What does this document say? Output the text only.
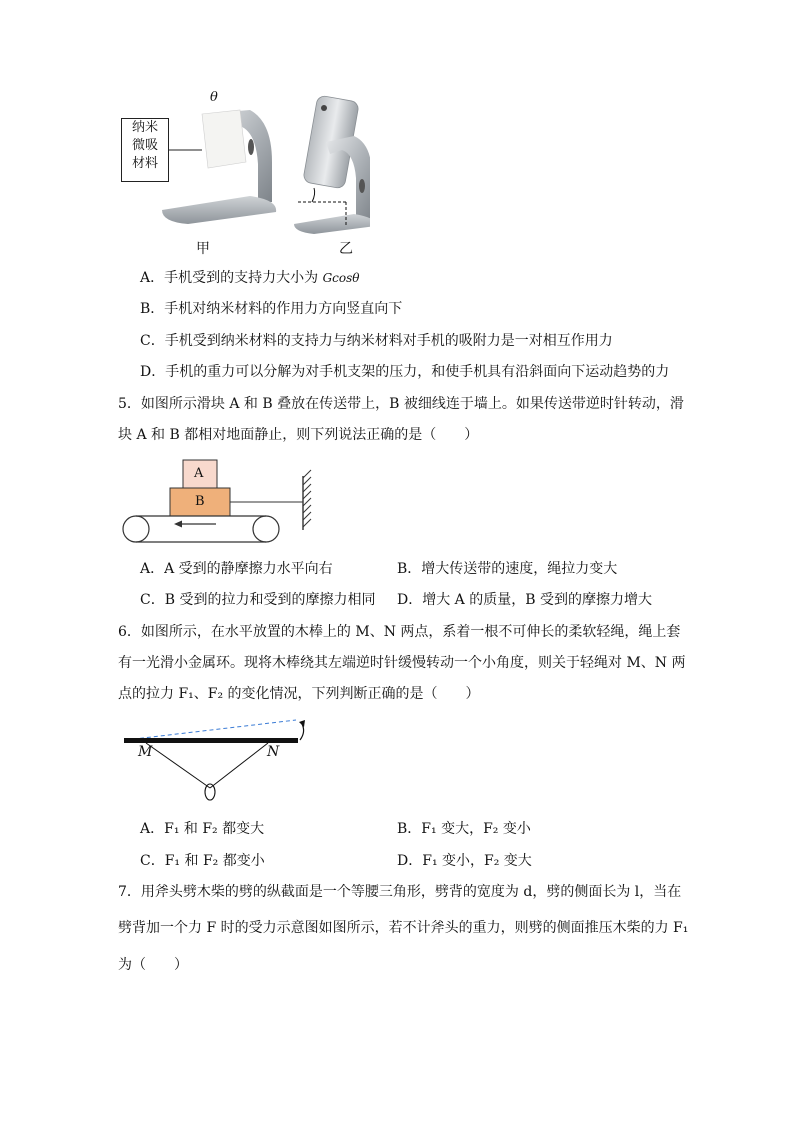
纳米
微吸
材料
θ
甲	乙
A．手机受到的支持力大小为 Gcosθ
B．手机对纳米材料的作用力方向竖直向下
C．手机受到纳米材料的支持力与纳米材料对手机的吸附力是一对相互作用力
D．手机的重力可以分解为对手机支架的压力，和使手机具有沿斜面向下运动趋势的力
5．如图所示滑块 A 和 B 叠放在传送带上，B 被细线连于墙上。如果传送带逆时针转动，滑
块 A 和 B 都相对地面静止，则下列说法正确的是（　　）
A
B
A．A 受到的静摩擦力水平向右	B．增大传送带的速度，绳拉力变大
C．B 受到的拉力和受到的摩擦力相同 D．增大 A 的质量，B 受到的摩擦力增大
6．如图所示，在水平放置的木棒上的 M、N 两点，系着一根不可伸长的柔软轻绳，绳上套
有一光滑小金属环。现将木棒绕其左端逆时针缓慢转动一个小角度，则关于轻绳对 M、N 两
点的拉力 F₁、F₂ 的变化情况，下列判断正确的是（　　）
M	N
A．F₁ 和 F₂ 都变大	B．F₁ 变大，F₂ 变小
C．F₁ 和 F₂ 都变小	D．F₁ 变小，F₂ 变大
7．用斧头劈木柴的劈的纵截面是一个等腰三角形，劈背的宽度为 d，劈的侧面长为 l，当在
劈背加一个力 F 时的受力示意图如图所示，若不计斧头的重力，则劈的侧面推压木柴的力 F₁
为（　　）
